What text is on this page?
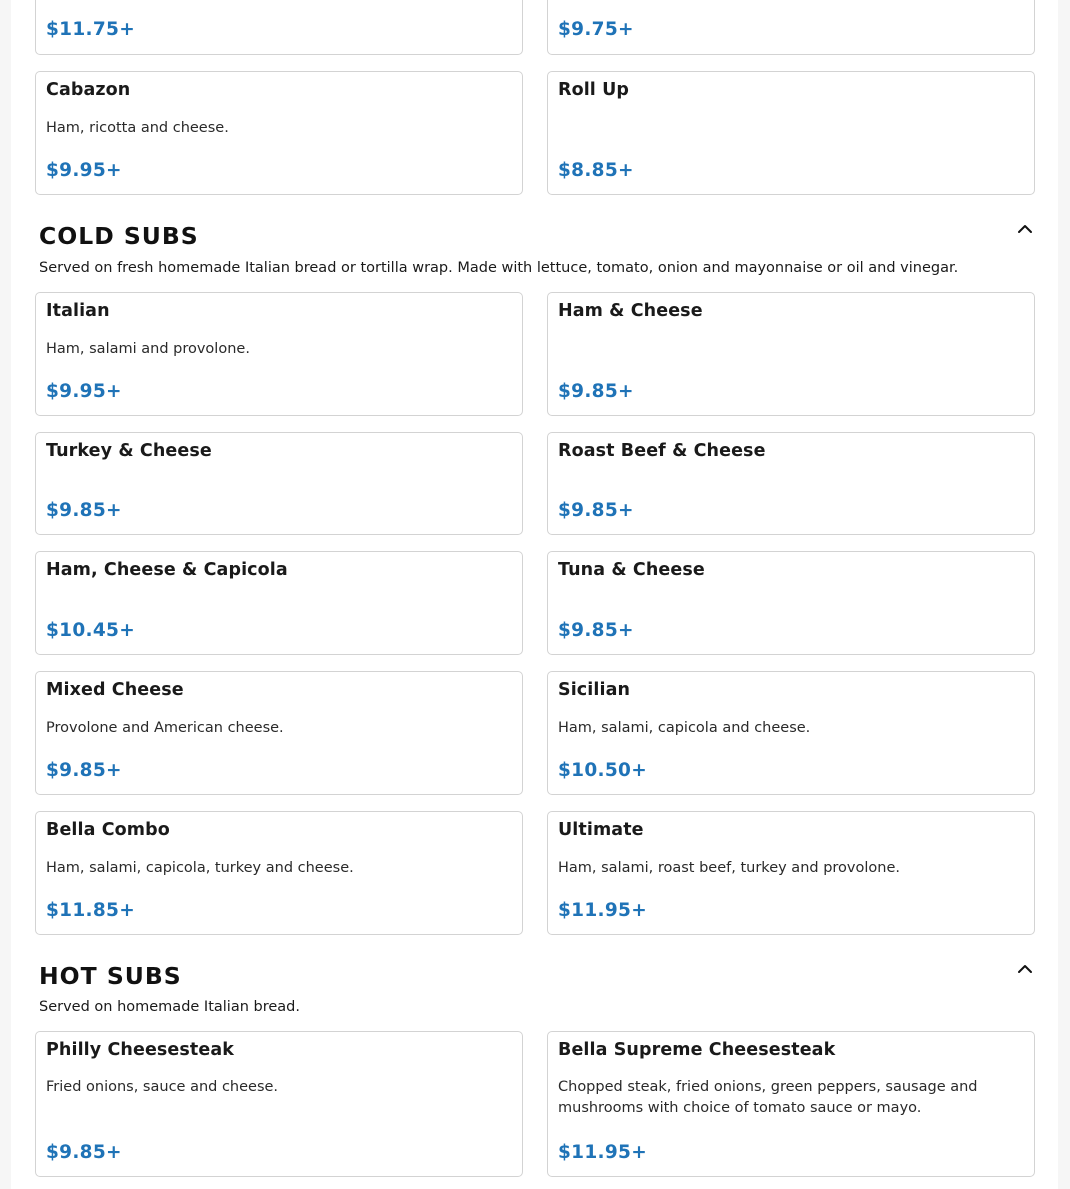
$11.75+	$9.75+
Cabazon
Ham, ricotta and cheese.
$9.95+
Roll Up
$8.85+
COLD SUBS
Served on fresh homemade Italian bread or tortilla wrap. Made with lettuce, tomato, onion and mayonnaise or oil and vinegar.
Italian
Ham, salami and provolone.
$9.95+
Ham & Cheese
$9.85+
Turkey & Cheese
$9.85+
Roast Beef & Cheese
$9.85+
Ham, Cheese & Capicola
$10.45+
Tuna & Cheese
$9.85+
Mixed Cheese
Provolone and American cheese.
$9.85+
Sicilian
Ham, salami, capicola and cheese.
$10.50+
Bella Combo
Ham, salami, capicola, turkey and cheese.
$11.85+
Ultimate
Ham, salami, roast beef, turkey and provolone.
$11.95+
HOT SUBS
Served on homemade Italian bread.
Philly Cheesesteak
Fried onions, sauce and cheese.
$9.85+
Bella Supreme Cheesesteak
Chopped steak, fried onions, green peppers, sausage and mushrooms with choice of tomato sauce or mayo.
$11.95+
